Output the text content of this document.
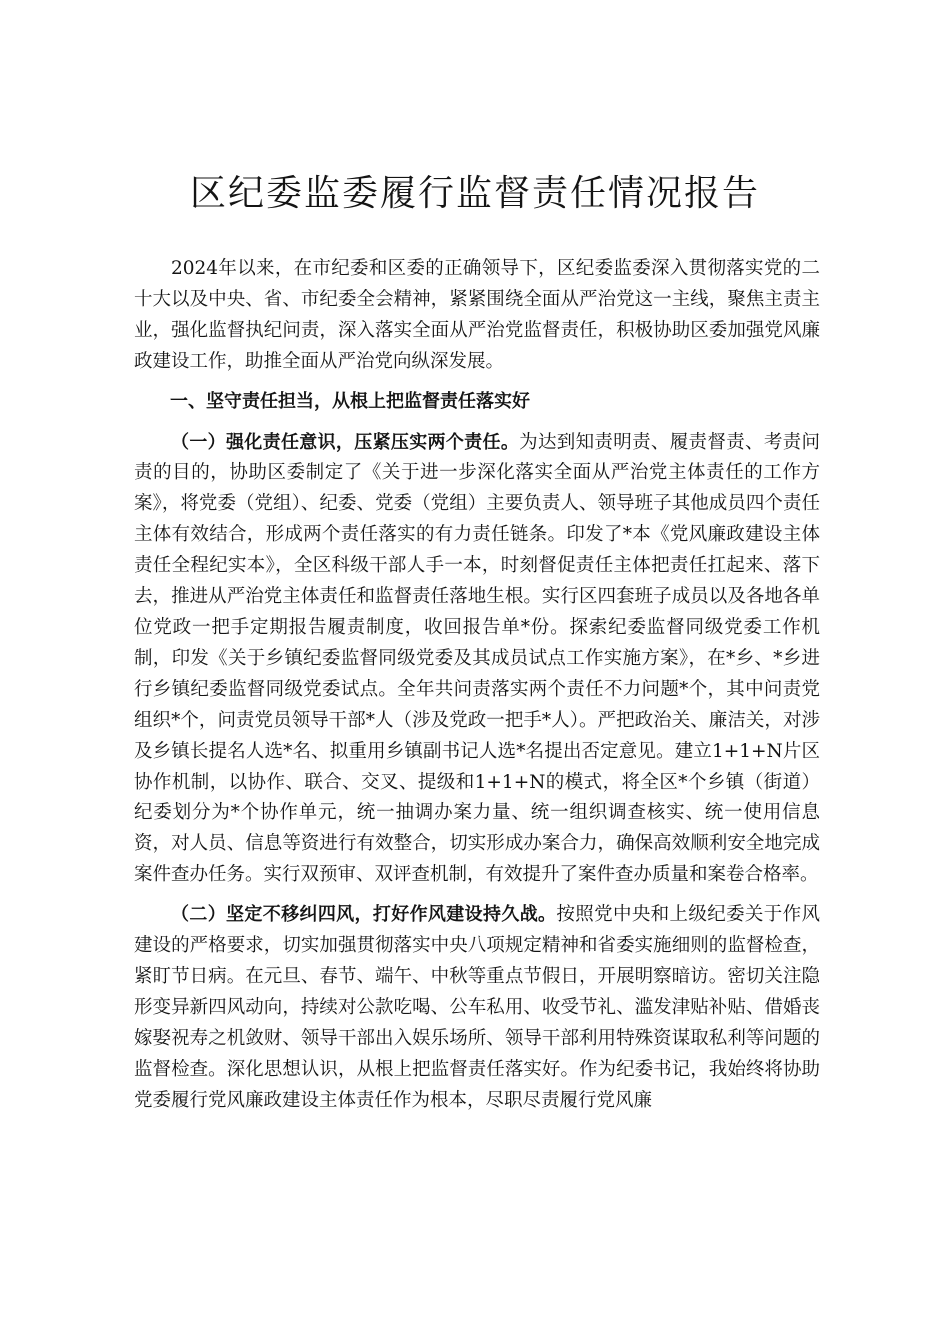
区纪委监委履行监督责任情况报告

2024年以来，在市纪委和区委的正确领导下，区纪委监委深入贯彻落实党的二十大以及中央、省、市纪委全会精神，紧紧围绕全面从严治党这一主线，聚焦主责主业，强化监督执纪问责，深入落实全面从严治党监督责任，积极协助区委加强党风廉政建设工作，助推全面从严治党向纵深发展。

一、坚守责任担当，从根上把监督责任落实好

（一）强化责任意识，压紧压实两个责任。为达到知责明责、履责督责、考责问责的目的，协助区委制定了《关于进一步深化落实全面从严治党主体责任的工作方案》，将党委（党组）、纪委、党委（党组）主要负责人、领导班子其他成员四个责任主体有效结合，形成两个责任落实的有力责任链条。印发了*本《党风廉政建设主体责任全程纪实本》，全区科级干部人手一本，时刻督促责任主体把责任扛起来、落下去，推进从严治党主体责任和监督责任落地生根。实行区四套班子成员以及各地各单位党政一把手定期报告履责制度，收回报告单*份。探索纪委监督同级党委工作机制，印发《关于乡镇纪委监督同级党委及其成员试点工作实施方案》，在*乡、*乡进行乡镇纪委监督同级党委试点。全年共问责落实两个责任不力问题*个，其中问责党组织*个，问责党员领导干部*人（涉及党政一把手*人）。严把政治关、廉洁关，对涉及乡镇长提名人选*名、拟重用乡镇副书记人选*名提出否定意见。建立1+1+N片区协作机制，以协作、联合、交叉、提级和1+1+N的模式，将全区*个乡镇（街道）纪委划分为*个协作单元，统一抽调办案力量、统一组织调查核实、统一使用信息资，对人员、信息等资进行有效整合，切实形成办案合力，确保高效顺利安全地完成案件查办任务。实行双预审、双评查机制，有效提升了案件查办质量和案卷合格率。

（二）坚定不移纠四风，打好作风建设持久战。按照党中央和上级纪委关于作风建设的严格要求，切实加强贯彻落实中央八项规定精神和省委实施细则的监督检查，紧盯节日病。在元旦、春节、端午、中秋等重点节假日，开展明察暗访。密切关注隐形变异新四风动向，持续对公款吃喝、公车私用、收受节礼、滥发津贴补贴、借婚丧嫁娶祝寿之机敛财、领导干部出入娱乐场所、领导干部利用特殊资谋取私利等问题的监督检查。深化思想认识，从根上把监督责任落实好。作为纪委书记，我始终将协助党委履行党风廉政建设主体责任作为根本，尽职尽责履行党风廉
